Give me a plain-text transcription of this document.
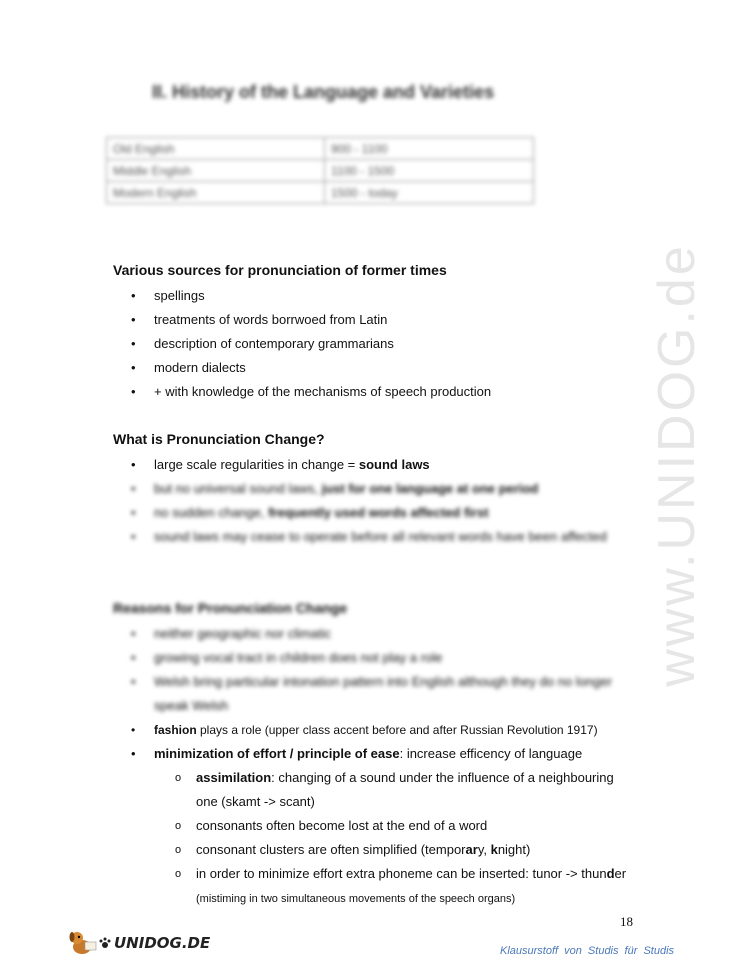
www.UNIDOG.de
II. History of the Language and Varieties
Old English	900 - 1100
Middle English	1100 - 1500
Modern English	1500 - today

Various sources for pronunciation of former times

• spellings
• treatments of words borrwoed from Latin
• description of contemporary grammarians
• modern dialects
• + with knowledge of the mechanisms of speech production

What is Pronunciation Change?

• large scale regularities in change = sound laws
• but no universal sound laws, just for one language at one period
• no sudden change, frequently used words affected first
• sound laws may cease to operate before all relevant words have been affected

Reasons for Pronunciation Change

• neither geographic nor climatic
• growing vocal tract in children does not play a role
• Welsh bring particular intonation pattern into English although they do no longer speak Welsh
• fashion plays a role (upper class accent before and after Russian Revolution 1917)
• minimization of effort / principle of ease: increase efficency of language
o assimilation: changing of a sound under the influence of a neighbouring one (skamt -> scant)
o consonants often become lost at the end of a word
o consonant clusters are often simplified (temporary, knight)
o in order to minimize effort extra phoneme can be inserted: tunor -> thunder (mistiming in two simultaneous movements of the speech organs)
18
UNIDOG.DE	Klausurstoff von Studis für Studis
